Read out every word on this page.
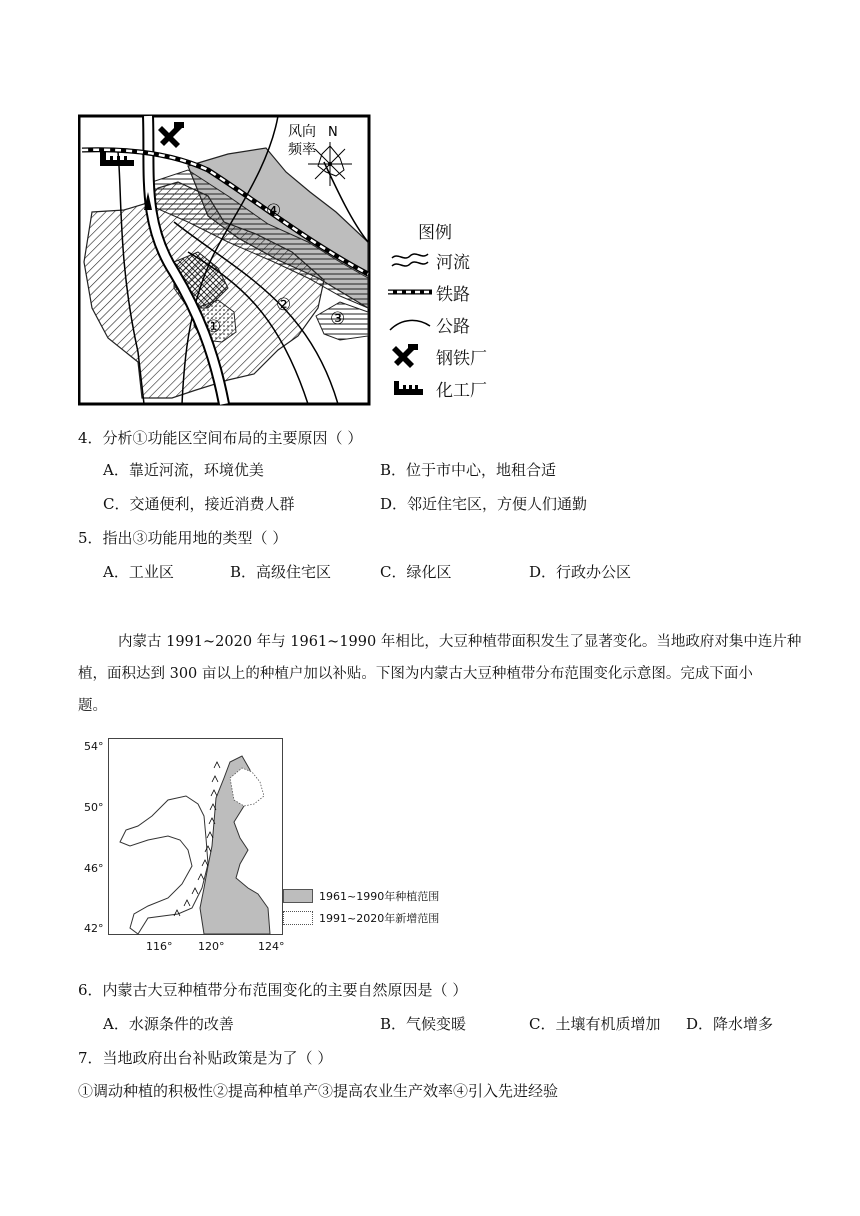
风向
频率
N
①
②
③
④
图例
河流
铁路
公路
钢铁厂
化工厂
4．分析①功能区空间布局的主要原因（ ）
A．靠近河流，环境优美	B．位于市中心，地租合适
C．交通便利，接近消费人群	D．邻近住宅区，方便人们通勤
5．指出③功能用地的类型（ ）
A．工业区	B．高级住宅区	C．绿化区	D．行政办公区
内蒙古 1991~2020 年与 1961~1990 年相比，大豆种植带面积发生了显著变化。当地政府对集中连片种
植，面积达到 300 亩以上的种植户加以补贴。下图为内蒙古大豆种植带分布范围变化示意图。完成下面小
题。
54°
50°
46°
42°
116° 120°	124°
1961~1990年种植范围
1991~2020年新增范围
6．内蒙古大豆种植带分布范围变化的主要自然原因是（ ）
A．水源条件的改善	B．气候变暖	C．土壤有机质增加 D．降水增多
7．当地政府出台补贴政策是为了（ ）
①调动种植的积极性②提高种植单产③提高农业生产效率④引入先进经验
